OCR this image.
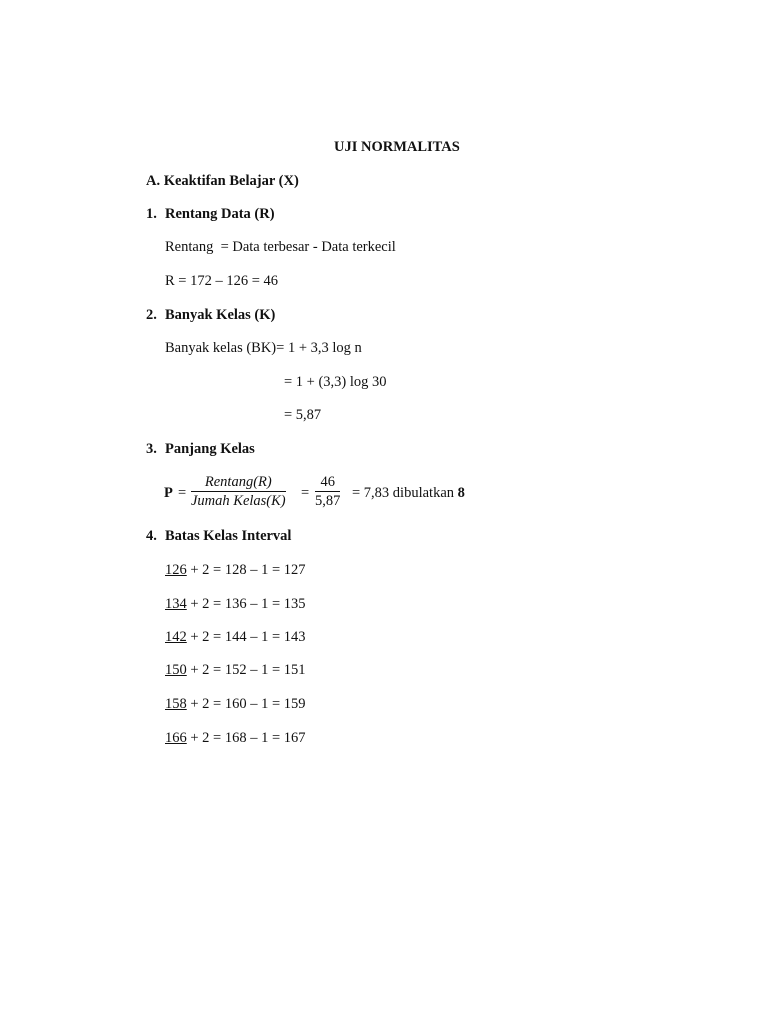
UJI NORMALITAS
A. Keaktifan Belajar (X)
1. Rentang Data (R)
Rentang  = Data terbesar - Data terkecil
R = 172 – 126 = 46
2. Banyak Kelas (K)
Banyak kelas (BK)= 1 + 3,3 log n
= 1 + (3,3) log 30
= 5,87
3. Panjang Kelas
P =
Rentang(R)
Jumah Kelas(K) =
46
5,87 = 7,83 dibulatkan 8
4. Batas Kelas Interval
126 + 2 = 128 – 1 = 127
134 + 2 = 136 – 1 = 135
142 + 2 = 144 – 1 = 143
150 + 2 = 152 – 1 = 151
158 + 2 = 160 – 1 = 159
166 + 2 = 168 – 1 = 167
